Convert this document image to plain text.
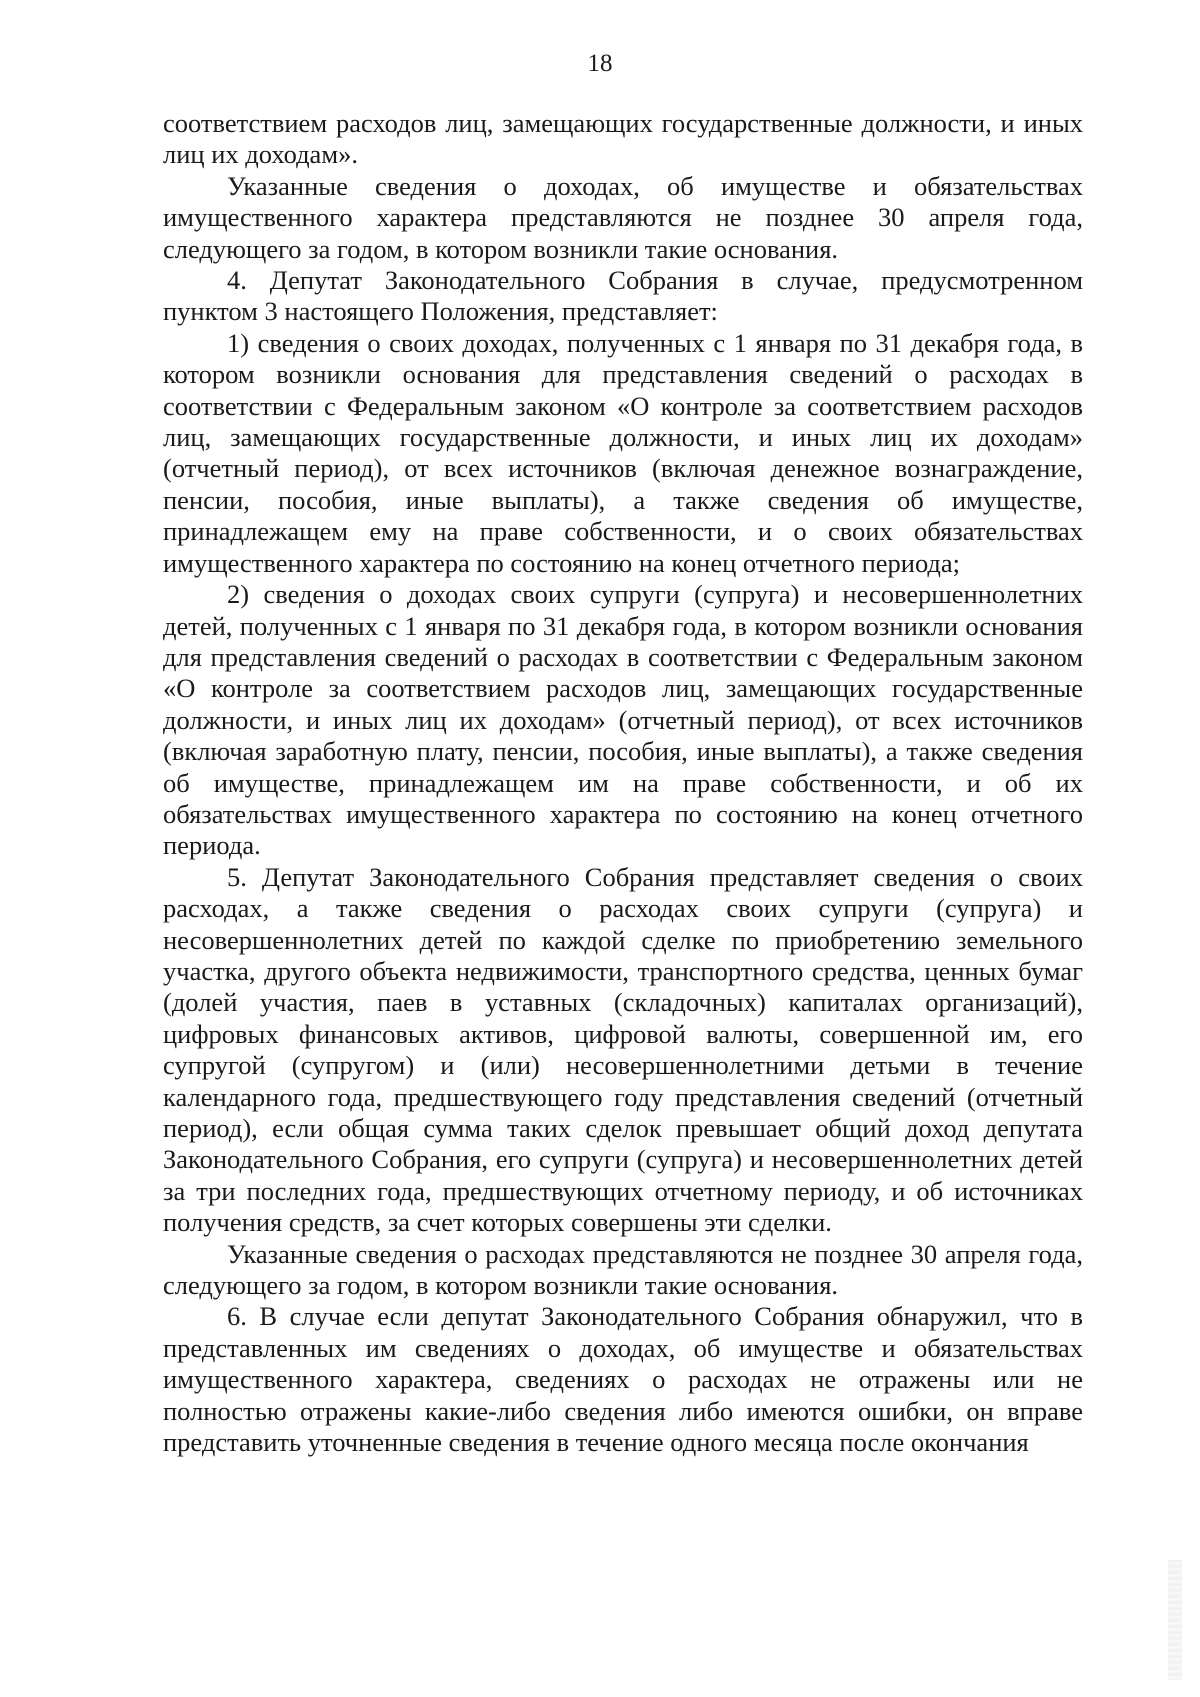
18

соответствием расходов лиц, замещающих государственные должности, и иных лиц их доходам».

Указанные сведения о доходах, об имуществе и обязательствах имущественного характера представляются не позднее 30 апреля года, следующего за годом, в котором возникли такие основания.

4. Депутат Законодательного Собрания в случае, предусмотренном пунктом 3 настоящего Положения, представляет:

1) сведения о своих доходах, полученных с 1 января по 31 декабря года, в котором возникли основания для представления сведений о расходах в соответствии с Федеральным законом «О контроле за соответствием расходов лиц, замещающих государственные должности, и иных лиц их доходам» (отчетный период), от всех источников (включая денежное вознаграждение, пенсии, пособия, иные выплаты), а также сведения об имуществе, принадлежащем ему на праве собственности, и о своих обязательствах имущественного характера по состоянию на конец отчетного периода;

2) сведения о доходах своих супруги (супруга) и несовершеннолетних детей, полученных с 1 января по 31 декабря года, в котором возникли основания для представления сведений о расходах в соответствии с Федеральным законом «О контроле за соответствием расходов лиц, замещающих государственные должности, и иных лиц их доходам» (отчетный период), от всех источников (включая заработную плату, пенсии, пособия, иные выплаты), а также сведения об имуществе, принадлежащем им на праве собственности, и об их обязательствах имущественного характера по состоянию на конец отчетного периода.

5. Депутат Законодательного Собрания представляет сведения о своих расходах, а также сведения о расходах своих супруги (супруга) и несовершеннолетних детей по каждой сделке по приобретению земельного участка, другого объекта недвижимости, транспортного средства, ценных бумаг (долей участия, паев в уставных (складочных) капиталах организаций), цифровых финансовых активов, цифровой валюты, совершенной им, его супругой (супругом) и (или) несовершеннолетними детьми в течение календарного года, предшествующего году представления сведений (отчетный период), если общая сумма таких сделок превышает общий доход депутата Законодательного Собрания, его супруги (супруга) и несовершеннолетних детей за три последних года, предшествующих отчетному периоду, и об источниках получения средств, за счет которых совершены эти сделки.

Указанные сведения о расходах представляются не позднее 30 апреля года, следующего за годом, в котором возникли такие основания.

6. В случае если депутат Законодательного Собрания обнаружил, что в представленных им сведениях о доходах, об имуществе и обязательствах имущественного характера, сведениях о расходах не отражены или не полностью отражены какие-либо сведения либо имеются ошибки, он вправе представить уточненные сведения в течение одного месяца после окончания
